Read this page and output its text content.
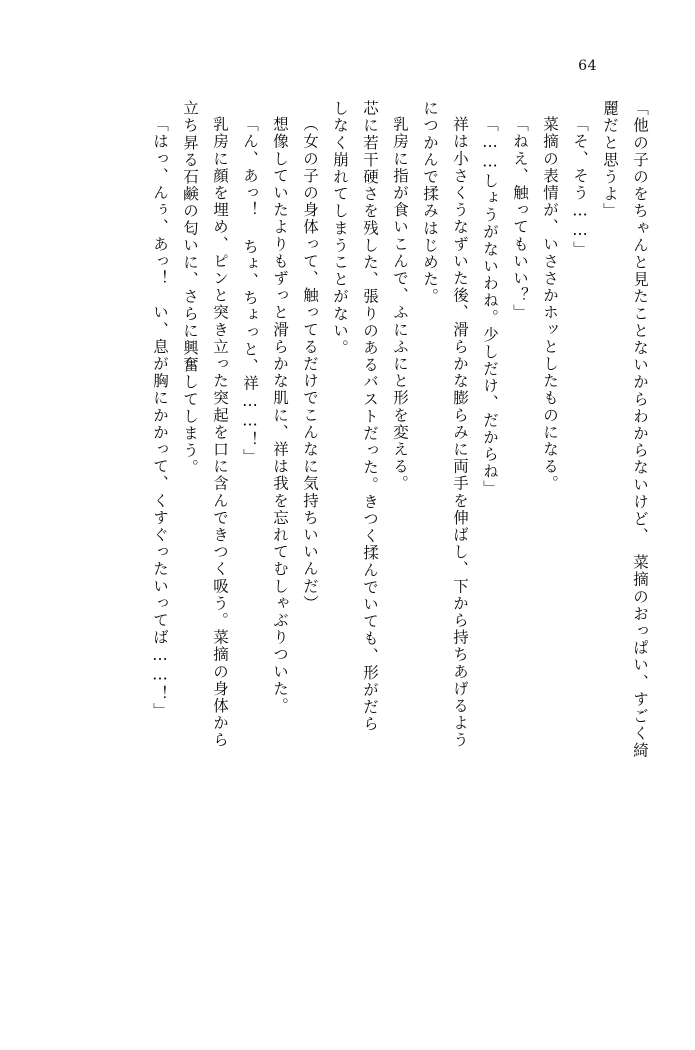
64
「他の子のをちゃんと見たことないからわからないけど、　菜摘のおっぱい、すごく綺
麗だと思うよ」
「そ、そう……」
菜摘の表情が、いささかホッとしたものになる。
「ねえ、触ってもいい？」
「……しょうがないわね。少しだけ、だからね」
祥は小さくうなずいた後、滑らかな膨らみに両手を伸ばし、下から持ちあげるよう
につかんで揉みはじめた。
乳房に指が食いこんで、ふにふにと形を変える。
芯に若干硬さを残した、張りのあるバストだった。きつく揉んでいても、形がだら
しなく崩れてしまうことがない。
（女の子の身体って、触ってるだけでこんなに気持ちいいんだ）
想像していたよりもずっと滑らかな肌に、祥は我を忘れてむしゃぶりついた。
「ん、あっ！ ちょ、ちょっと、祥……！」
乳房に顔を埋め、ピンと突き立った突起を口に含んできつく吸う。菜摘の身体から
立ち昇る石鹸の匂いに、さらに興奮してしまう。
「はっ、んぅ、あっ！　い、息が胸にかかって、くすぐったいってば……！」
